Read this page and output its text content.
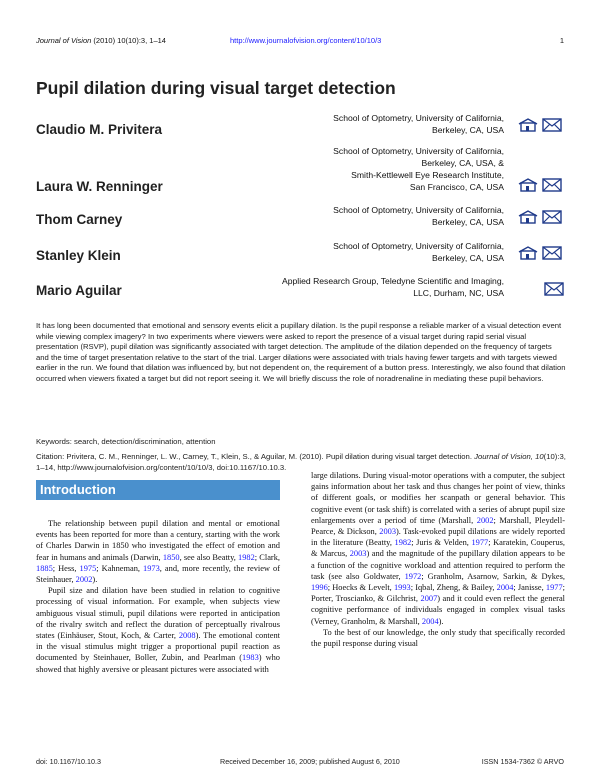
Journal of Vision (2010) 10(10):3, 1–14	http://www.journalofvision.org/content/10/10/3	1
Pupil dilation during visual target detection
Claudio M. Privitera
School of Optometry, University of California,
Berkeley, CA, USA
Laura W. Renninger
School of Optometry, University of California,
Berkeley, CA, USA, &
Smith-Kettlewell Eye Research Institute,
San Francisco, CA, USA
Thom Carney
School of Optometry, University of California,
Berkeley, CA, USA
Stanley Klein
School of Optometry, University of California,
Berkeley, CA, USA
Mario Aguilar
Applied Research Group, Teledyne Scientific and Imaging,
LLC, Durham, NC, USA
It has long been documented that emotional and sensory events elicit a pupillary dilation. Is the pupil response a reliable marker of a visual detection event while viewing complex imagery? In two experiments where viewers were asked to report the presence of a visual target during rapid serial visual presentation (RSVP), pupil dilation was significantly associated with target detection. The amplitude of the dilation depended on the frequency of targets and the time of target presentation relative to the start of the trial. Larger dilations were associated with trials having fewer targets and with targets viewed earlier in the run. We found that dilation was influenced by, but not dependent on, the requirement of a button press. Interestingly, we also found that dilation occurred when viewers fixated a target but did not report seeing it. We will briefly discuss the role of noradrenaline in mediating these pupil behaviors.
Keywords: search, detection/discrimination, attention
Citation: Privitera, C. M., Renninger, L. W., Carney, T., Klein, S., & Aguilar, M. (2010). Pupil dilation during visual target detection. Journal of Vision, 10(10):3, 1–14, http://www.journalofvision.org/content/10/10/3, doi:10.1167/10.10.3.
Introduction

The relationship between pupil dilation and mental or emotional events has been reported for more than a century, starting with the work of Charles Darwin in 1850 who investigated the effect of emotion and fear in humans and animals (Darwin, 1850, see also Beatty, 1982; Clark, 1885; Hess, 1975; Kahneman, 1973, and, more recently, the review of Steinhauer, 2002).

Pupil size and dilation have been studied in relation to cognitive processing of visual information. For example, when subjects view ambiguous visual stimuli, pupil dilations were reported in anticipation of the rivalry switch and reflect the duration of perceptually rivalrous states (Einhäuser, Stout, Koch, & Carter, 2008). The emotional content in the visual stimulus might trigger a proportional pupil reaction as documented by Steinhauer, Boller, Zubin, and Pearlman (1983) who showed that highly aversive or pleasant pictures were associated with

large dilations. During visual-motor operations with a computer, the subject gains information about her task and thus changes her point of view, thinks of different goals, or modifies her scanpath or general behavior. This cognitive event (or task shift) is correlated with a series of abrupt pupil size enlargements over a period of time (Marshall, 2002; Marshall, Pleydell-Pearce, & Dickson, 2003). Task-evoked pupil dilations are widely reported in the literature (Beatty, 1982; Juris & Velden, 1977; Karatekin, Couperus, & Marcus, 2003) and the magnitude of the pupillary dilation appears to be a function of the cognitive workload and attention required to perform the task (see also Goldwater, 1972; Granholm, Asarnow, Sarkin, & Dykes, 1996; Hoecks & Levelt, 1993; Iqbal, Zheng, & Bailey, 2004; Janisse, 1977; Porter, Troscianko, & Gilchrist, 2007) and it could even reflect the general cognitive performance of individuals engaged in complex visual tasks (Verney, Granholm, & Marshall, 2004).

To the best of our knowledge, the only study that specifically recorded the pupil response during visual

doi: 10.1167/10.10.3	Received December 16, 2009; published August 6, 2010	ISSN 1534-7362 © ARVO
